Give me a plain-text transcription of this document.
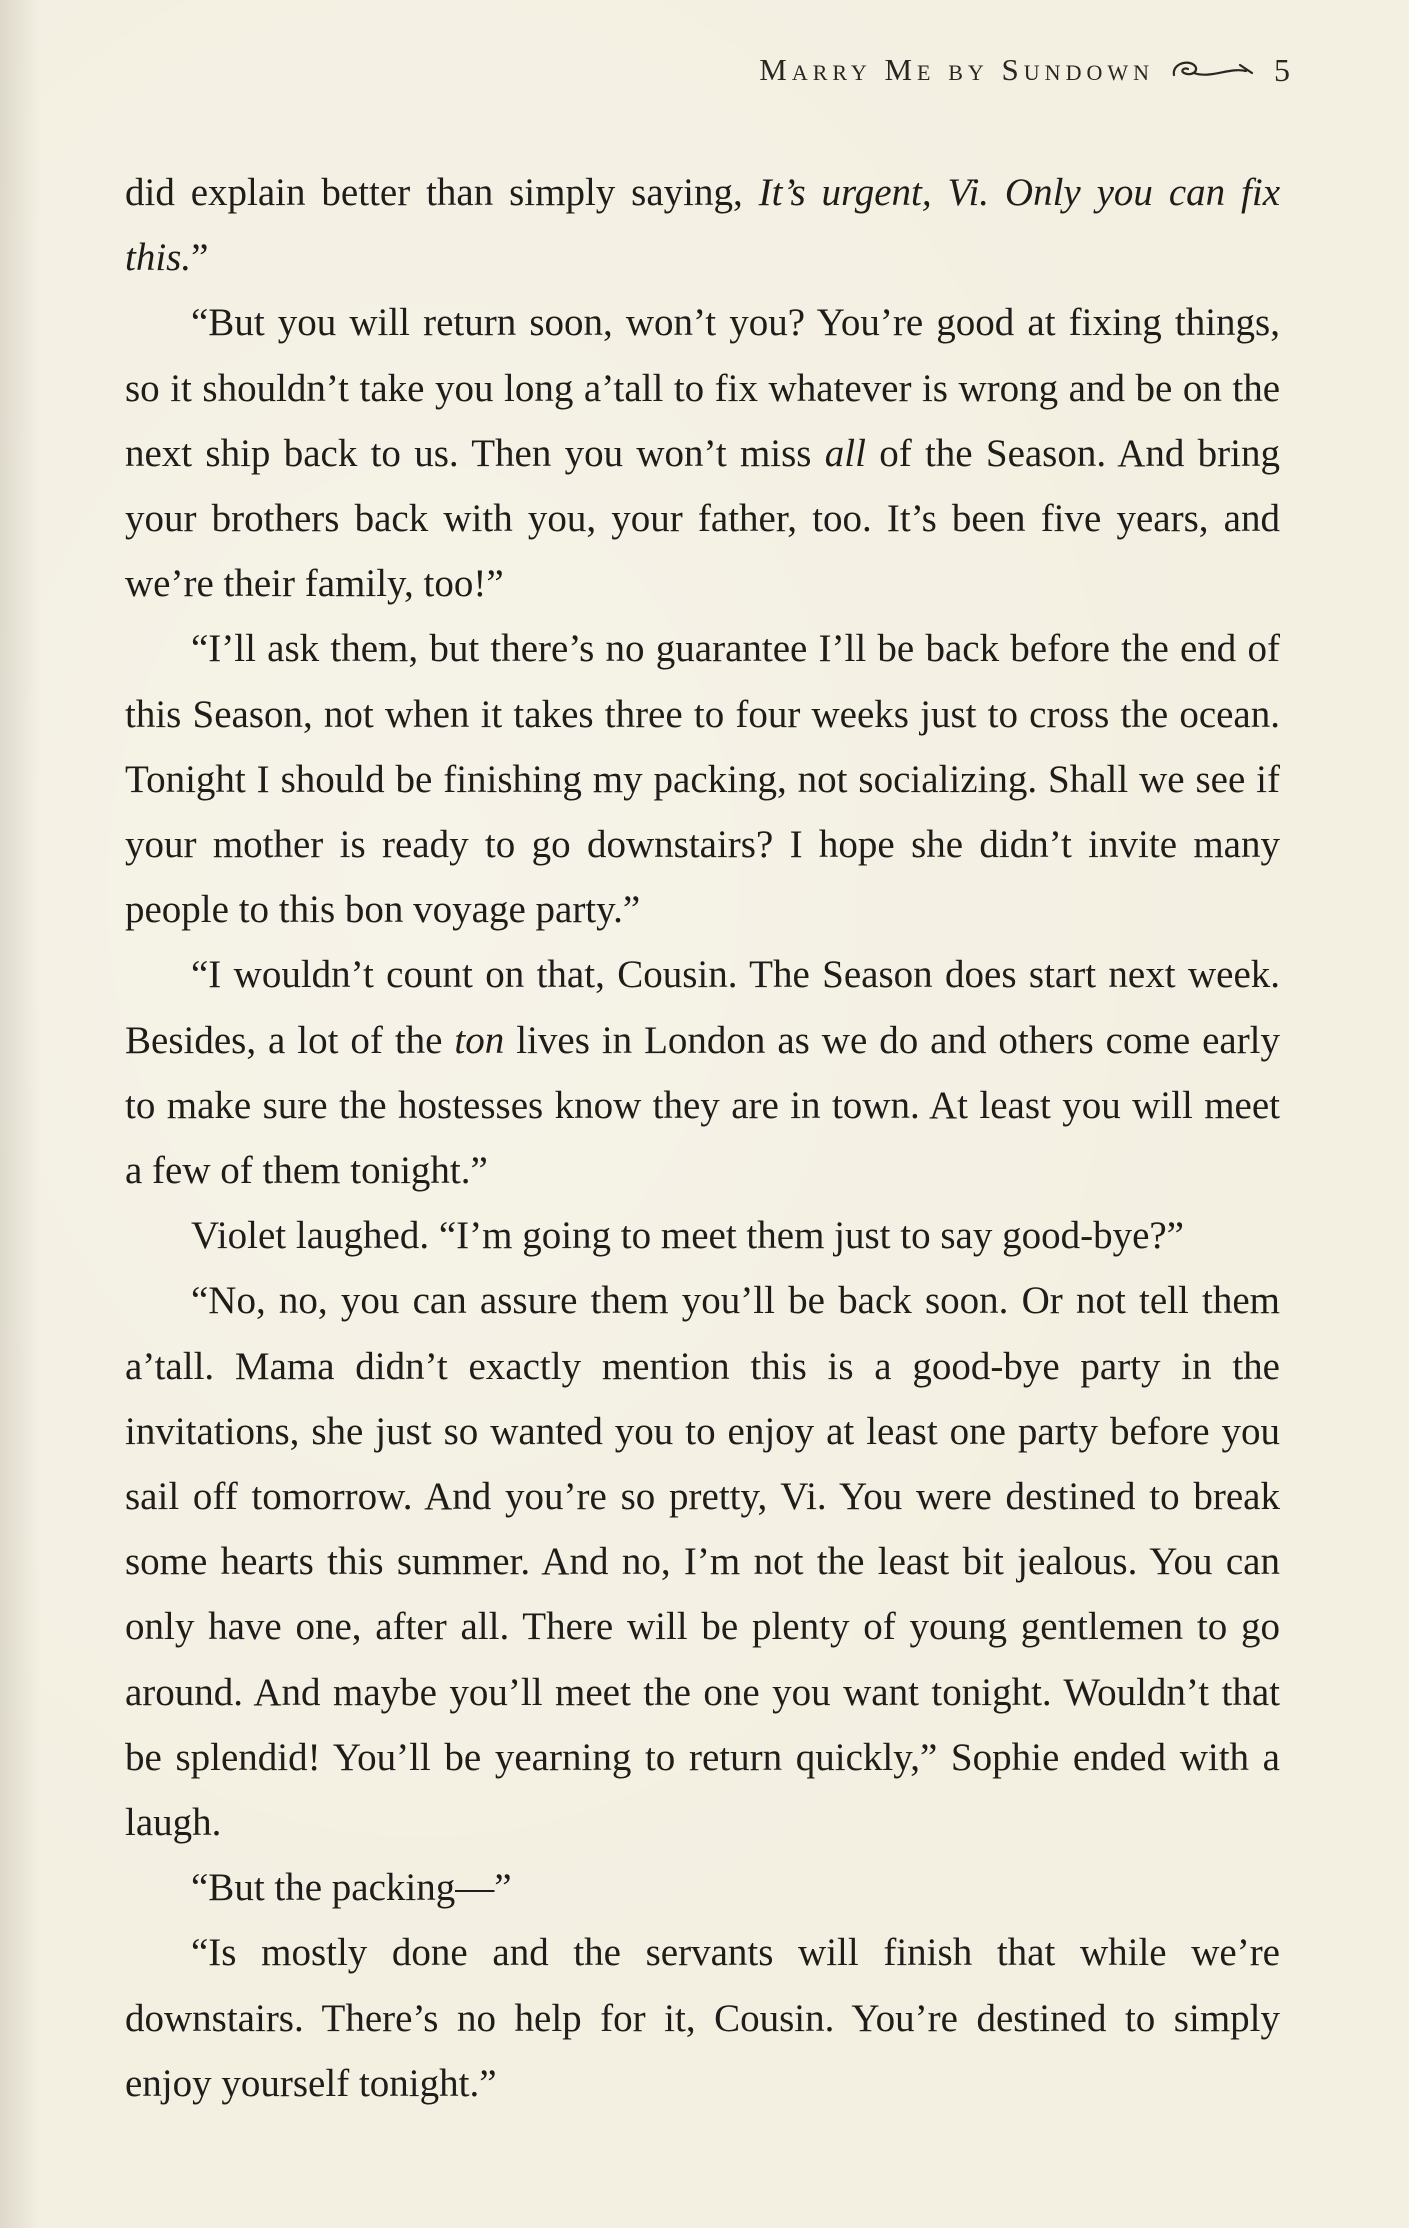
Marry Me by Sundown	5

did explain better than simply saying, It’s urgent, Vi. Only you can fix this.”

“But you will return soon, won’t you? You’re good at fixing things, so it shouldn’t take you long a’tall to fix whatever is wrong and be on the next ship back to us. Then you won’t miss all of the Season. And bring your brothers back with you, your father, too. It’s been five years, and we’re their family, too!”

“I’ll ask them, but there’s no guarantee I’ll be back before the end of this Season, not when it takes three to four weeks just to cross the ocean. Tonight I should be finishing my packing, not socializing. Shall we see if your mother is ready to go downstairs? I hope she didn’t invite many people to this bon voyage party.”

“I wouldn’t count on that, Cousin. The Season does start next week. Besides, a lot of the ton lives in London as we do and others come early to make sure the hostesses know they are in town. At least you will meet a few of them tonight.”

Violet laughed. “I’m going to meet them just to say good-bye?”

“No, no, you can assure them you’ll be back soon. Or not tell them a’tall. Mama didn’t exactly mention this is a good-bye party in the invitations, she just so wanted you to enjoy at least one party before you sail off tomorrow. And you’re so pretty, Vi. You were destined to break some hearts this summer. And no, I’m not the least bit jealous. You can only have one, after all. There will be plenty of young gentlemen to go around. And maybe you’ll meet the one you want tonight. Wouldn’t that be splendid! You’ll be yearning to return quickly,” Sophie ended with a laugh.

“But the packing—”

“Is mostly done and the servants will finish that while we’re downstairs. There’s no help for it, Cousin. You’re destined to simply enjoy yourself tonight.”
